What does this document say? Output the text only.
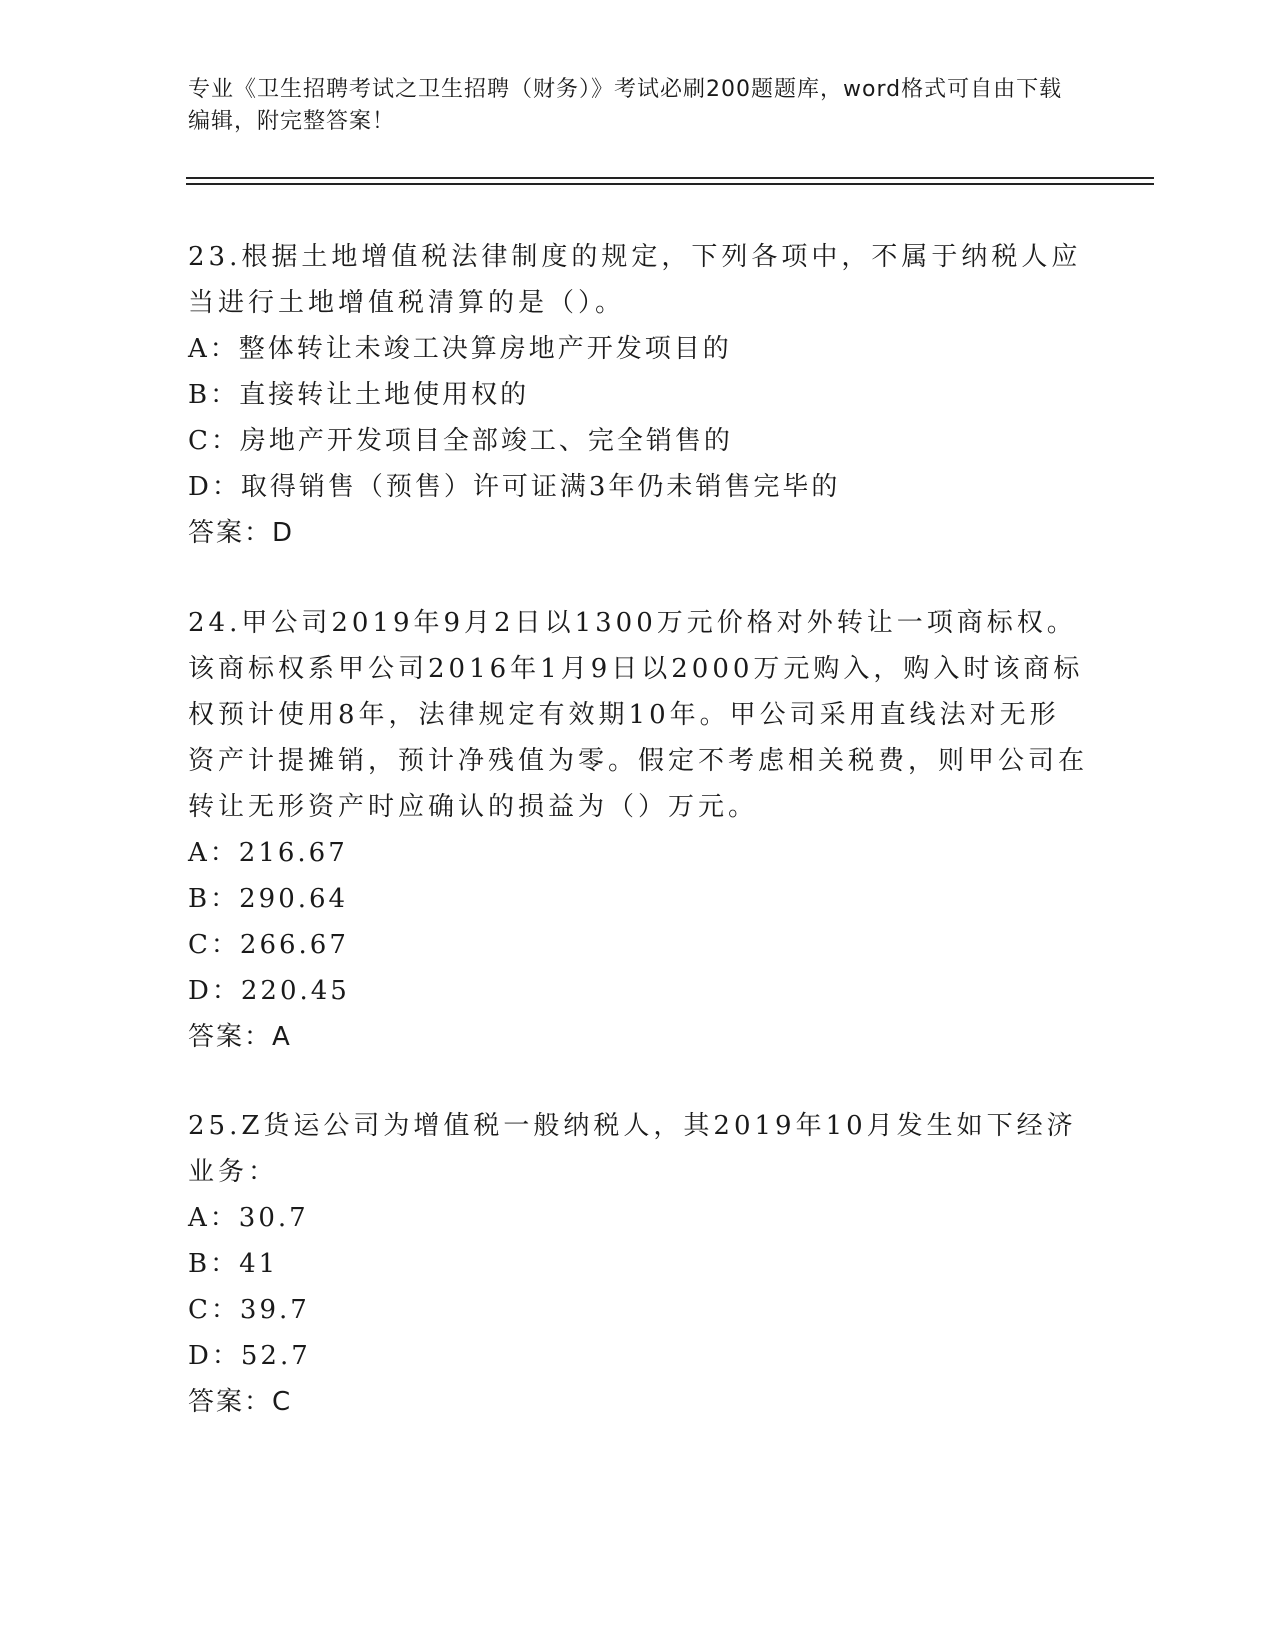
专业《卫生招聘考试之卫生招聘（财务）》考试必刷200题题库，word格式可自由下载编辑，附完整答案！
23.根据土地增值税法律制度的规定，下列各项中，不属于纳税人应当进行土地增值税清算的是（）。
A：整体转让未竣工决算房地产开发项目的
B：直接转让土地使用权的
C：房地产开发项目全部竣工、完全销售的
D：取得销售（预售）许可证满3年仍未销售完毕的
答案：D
24.甲公司2019年9月2日以1300万元价格对外转让一项商标权。该商标权系甲公司2016年1月9日以2000万元购入，购入时该商标权预计使用8年，法律规定有效期10年。甲公司采用直线法对无形资产计提摊销，预计净残值为零。假定不考虑相关税费，则甲公司在转让无形资产时应确认的损益为（）万元。
A：216.67
B：290.64
C：266.67
D：220.45
答案：A
25.Z货运公司为增值税一般纳税人，其2019年10月发生如下经济业务：
A：30.7
B：41
C：39.7
D：52.7
答案：C
